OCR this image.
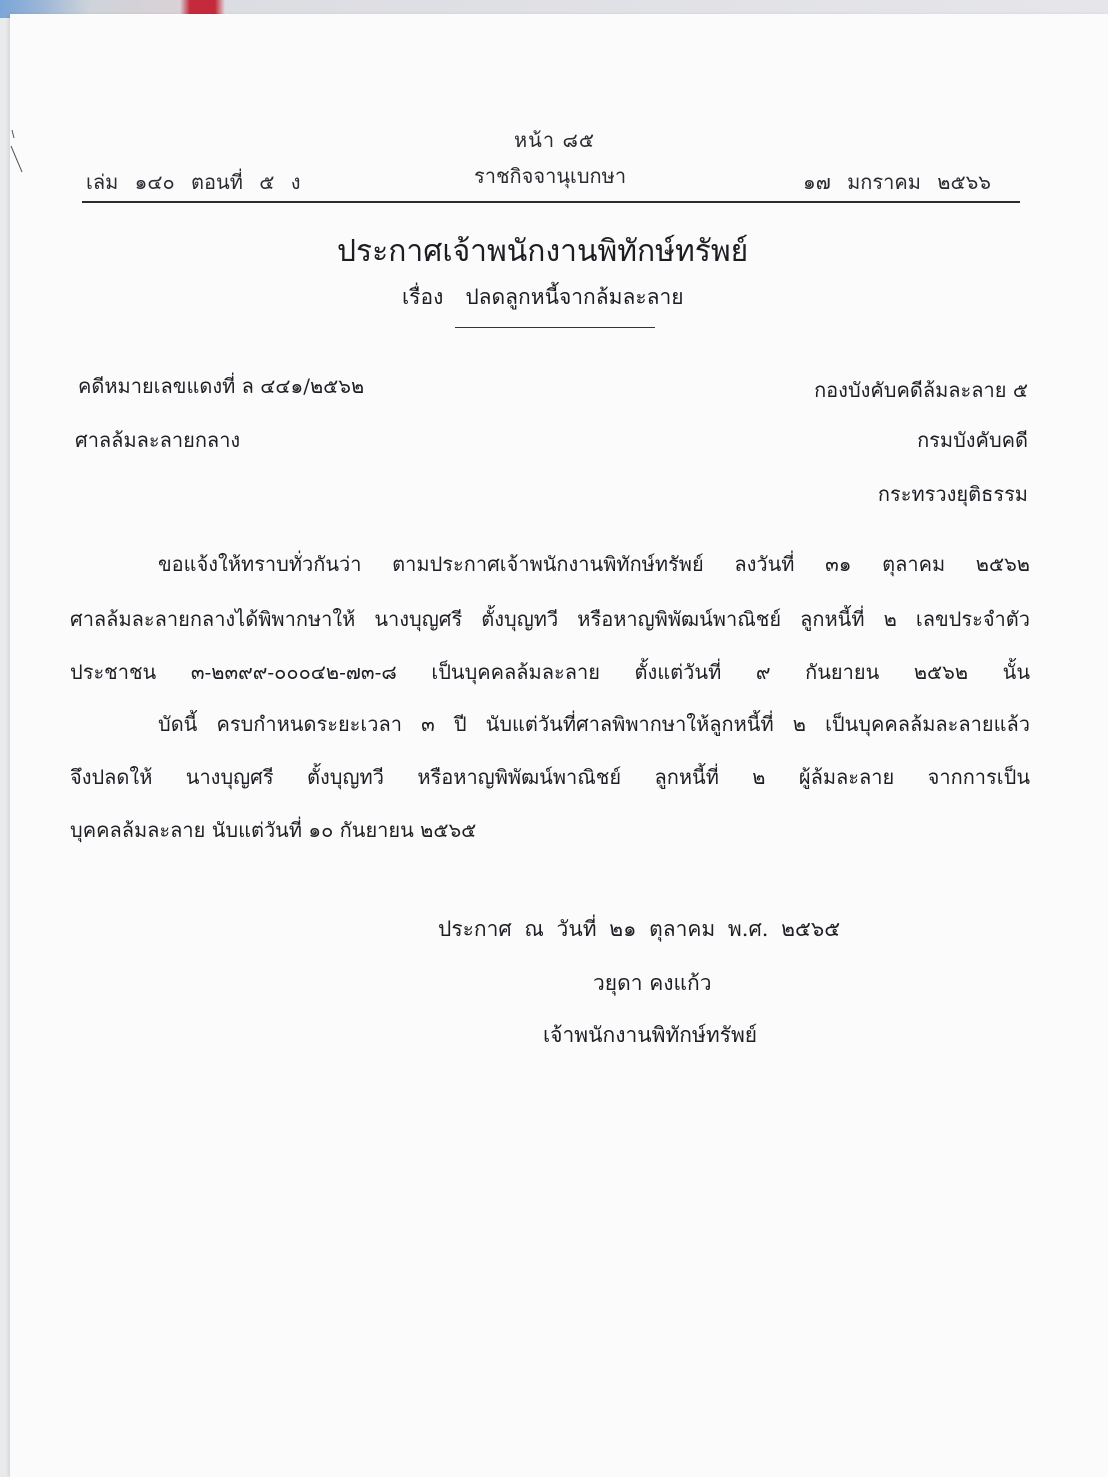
หน้า ๘๕
เล่ม ๑๔๐ ตอนที่ ๕ ง	ราชกิจจานุเบกษา	๑๗ มกราคม ๒๕๖๖
ประกาศเจ้าพนักงานพิทักษ์ทรัพย์
เรื่อง ปลดลูกหนี้จากล้มละลาย
คดีหมายเลขแดงที่ ล ๔๔๑/๒๕๖๒
ศาลล้มละลายกลาง
กองบังคับคดีล้มละลาย ๕
กรมบังคับคดี
กระทรวงยุติธรรม
ขอแจ้งให้ทราบทั่วกันว่า ตามประกาศเจ้าพนักงานพิทักษ์ทรัพย์ ลงวันที่ ๓๑ ตุลาคม ๒๕๖๒
ศาลล้มละลายกลางได้พิพากษาให้ นางบุญศรี ตั้งบุญทวี หรือหาญพิพัฒน์พาณิชย์ ลูกหนี้ที่ ๒ เลขประจำตัว
ประชาชน ๓-๒๓๙๙-๐๐๐๔๒-๗๓-๘ เป็นบุคคลล้มละลาย ตั้งแต่วันที่ ๙ กันยายน ๒๕๖๒ นั้น
บัดนี้ ครบกำหนดระยะเวลา ๓ ปี นับแต่วันที่ศาลพิพากษาให้ลูกหนี้ที่ ๒ เป็นบุคคลล้มละลายแล้ว
จึงปลดให้ นางบุญศรี ตั้งบุญทวี หรือหาญพิพัฒน์พาณิชย์ ลูกหนี้ที่ ๒ ผู้ล้มละลาย จากการเป็น
บุคคลล้มละลาย นับแต่วันที่ ๑๐ กันยายน ๒๕๖๕
ประกาศ ณ วันที่ ๒๑ ตุลาคม พ.ศ. ๒๕๖๕
วยุดา คงแก้ว
เจ้าพนักงานพิทักษ์ทรัพย์
